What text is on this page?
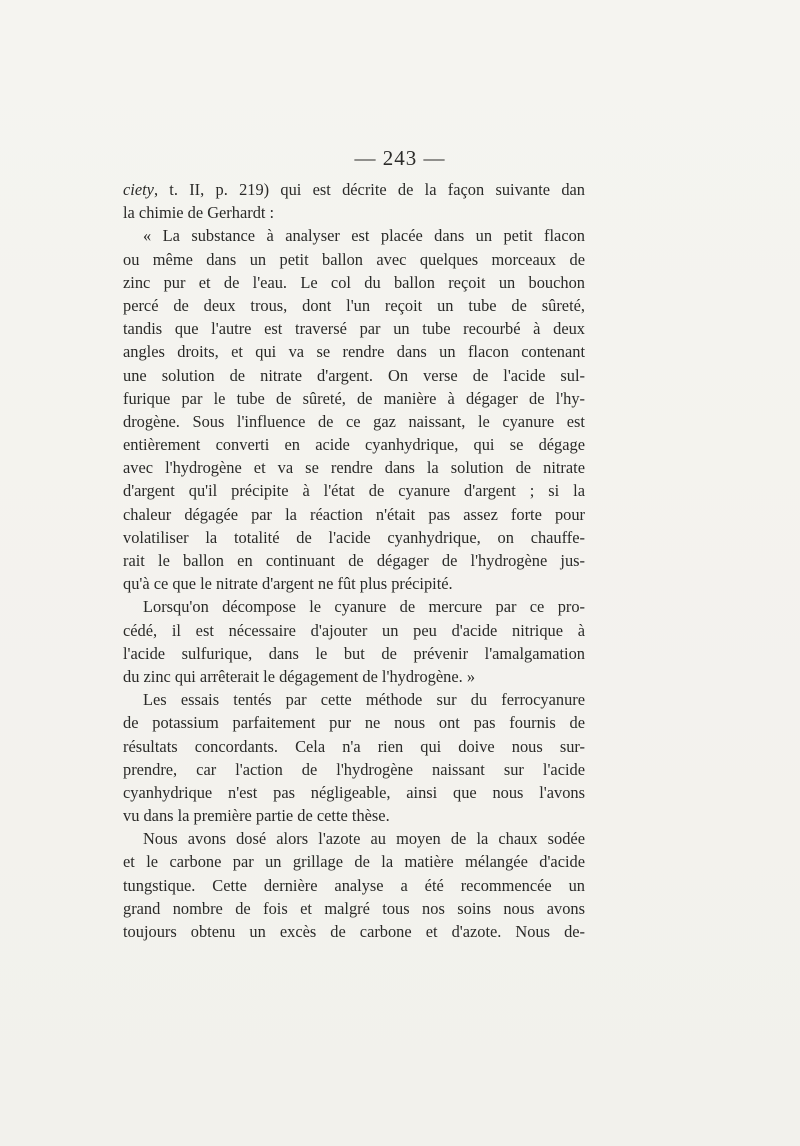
— 243 —
ciety, t. II, p. 219) qui est décrite de la façon suivante dan
la chimie de Gerhardt :
« La substance à analyser est placée dans un petit flacon
ou même dans un petit ballon avec quelques morceaux de
zinc pur et de l'eau. Le col du ballon reçoit un bouchon
percé de deux trous, dont l'un reçoit un tube de sûreté,
tandis que l'autre est traversé par un tube recourbé à deux
angles droits, et qui va se rendre dans un flacon contenant
une solution de nitrate d'argent. On verse de l'acide sul-
furique par le tube de sûreté, de manière à dégager de l'hy-
drogène. Sous l'influence de ce gaz naissant, le cyanure est
entièrement converti en acide cyanhydrique, qui se dégage
avec l'hydrogène et va se rendre dans la solution de nitrate
d'argent qu'il précipite à l'état de cyanure d'argent ; si la
chaleur dégagée par la réaction n'était pas assez forte pour
volatiliser la totalité de l'acide cyanhydrique, on chauffe-
rait le ballon en continuant de dégager de l'hydrogène jus-
qu'à ce que le nitrate d'argent ne fût plus précipité.
Lorsqu'on décompose le cyanure de mercure par ce pro-
cédé, il est nécessaire d'ajouter un peu d'acide nitrique à
l'acide sulfurique, dans le but de prévenir l'amalgamation
du zinc qui arrêterait le dégagement de l'hydrogène. »
Les essais tentés par cette méthode sur du ferrocyanure
de potassium parfaitement pur ne nous ont pas fournis de
résultats concordants. Cela n'a rien qui doive nous sur-
prendre, car l'action de l'hydrogène naissant sur l'acide
cyanhydrique n'est pas négligeable, ainsi que nous l'avons
vu dans la première partie de cette thèse.
Nous avons dosé alors l'azote au moyen de la chaux sodée
et le carbone par un grillage de la matière mélangée d'acide
tungstique. Cette dernière analyse a été recommencée un
grand nombre de fois et malgré tous nos soins nous avons
toujours obtenu un excès de carbone et d'azote. Nous de-
